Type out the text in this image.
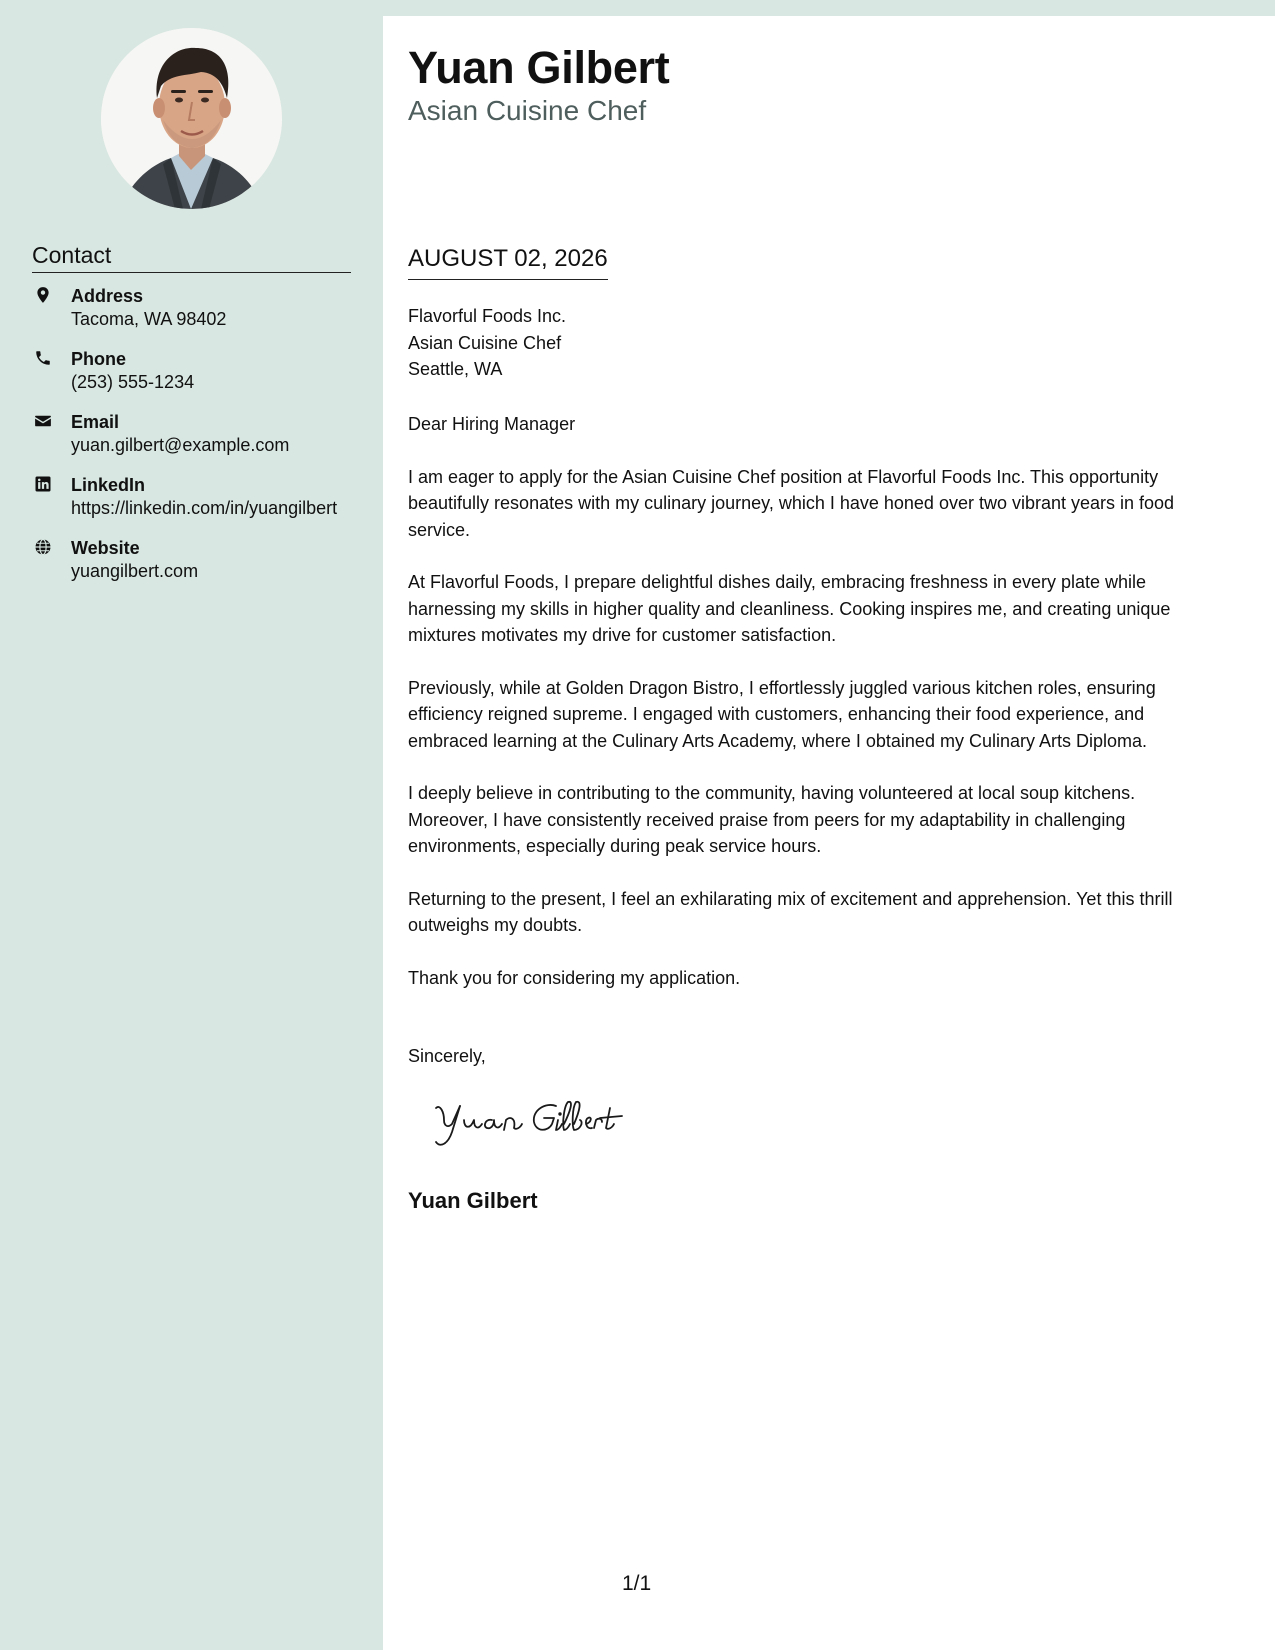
Contact
Address
Tacoma, WA 98402
Phone
(253) 555-1234
Email
yuan.gilbert@example.com
LinkedIn
https://linkedin.com/in/yuangilbert
Website
yuangilbert.com
Yuan Gilbert
Asian Cuisine Chef
AUGUST 02, 2026
Flavorful Foods Inc.
Asian Cuisine Chef
Seattle, WA

Dear Hiring Manager

I am eager to apply for the Asian Cuisine Chef position at Flavorful Foods Inc. This opportunity beautifully resonates with my culinary journey, which I have honed over two vibrant years in food service.

At Flavorful Foods, I prepare delightful dishes daily, embracing freshness in every plate while harnessing my skills in higher quality and cleanliness. Cooking inspires me, and creating unique mixtures motivates my drive for customer satisfaction.

Previously, while at Golden Dragon Bistro, I effortlessly juggled various kitchen roles, ensuring efficiency reigned supreme. I engaged with customers, enhancing their food experience, and embraced learning at the Culinary Arts Academy, where I obtained my Culinary Arts Diploma.

I deeply believe in contributing to the community, having volunteered at local soup kitchens. Moreover, I have consistently received praise from peers for my adaptability in challenging environments, especially during peak service hours.

Returning to the present, I feel an exhilarating mix of excitement and apprehension. Yet this thrill outweighs my doubts.

Thank you for considering my application.

Sincerely,
Yuan Gilbert
1/1
